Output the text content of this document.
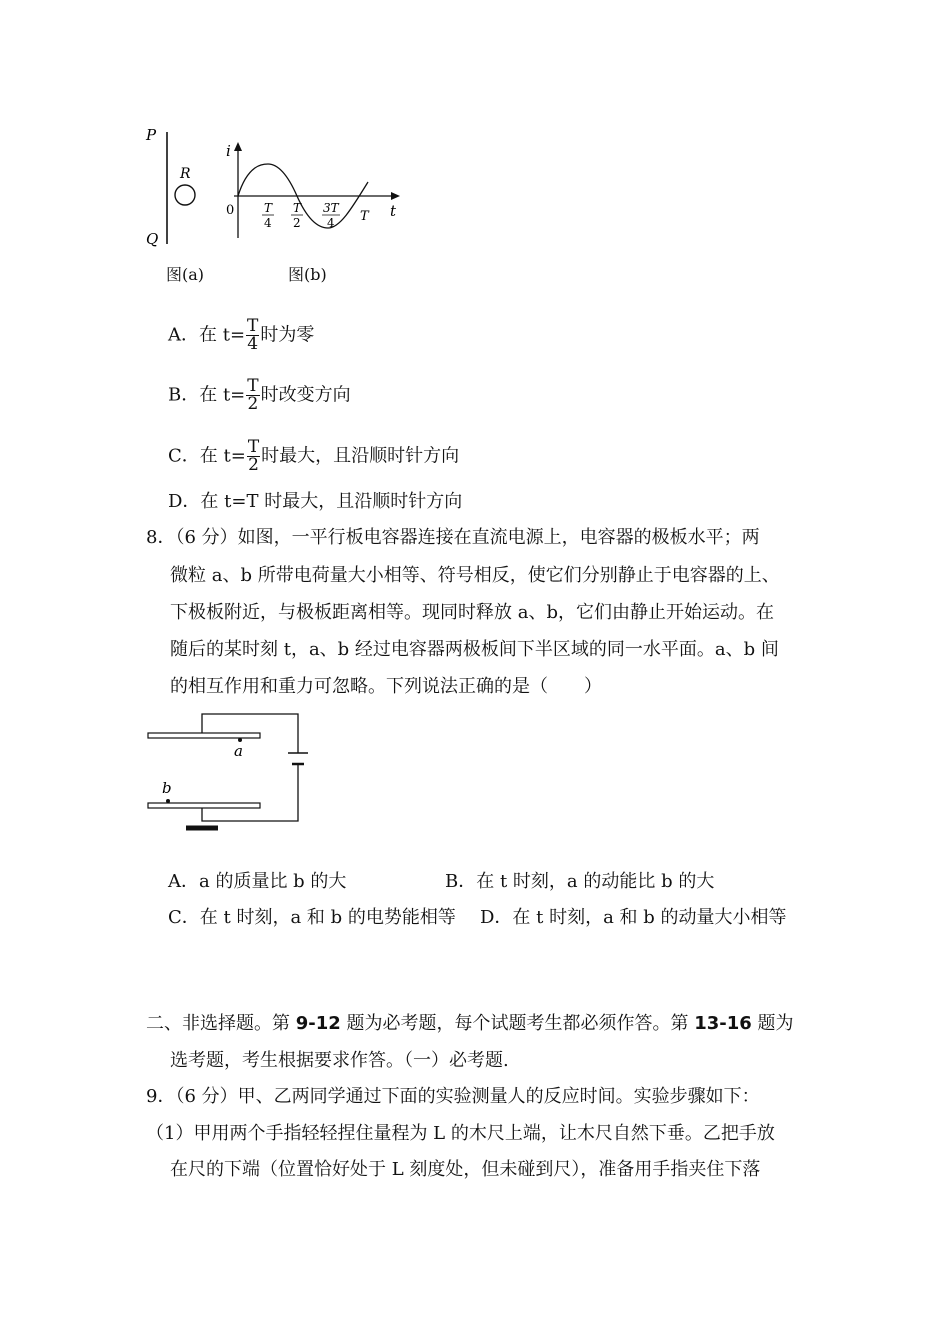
P
Q
R
i
t
0 T
4
T
2
3T
4 T
图(a)	图(b)
A．在 $t= \frac{T}{4}$ 时为零
B．在 $t= \frac{T}{2}$ 时改变方向
C．在 $t= \frac{T}{2}$ 时最大，且沿顺时针方向
D．在 t=T 时最大，且沿顺时针方向
8．（6 分）如图，一平行板电容器连接在直流电源上，电容器的极板水平；两
微粒 a、b 所带电荷量大小相等、符号相反，使它们分别静止于电容器的上、
下极板附近，与极板距离相等。现同时释放 a、b，它们由静止开始运动。在
随后的某时刻 t，a、b 经过电容器两极板间下半区域的同一水平面。a、b 间
的相互作用和重力可忽略。下列说法正确的是（　　）
a
b
A．a 的质量比 b 的大	B．在 t 时刻，a 的动能比 b 的大
C．在 t 时刻，a 和 b 的电势能相等 D．在 t 时刻，a 和 b 的动量大小相等
二、非选择题。第 9-12 题为必考题，每个试题考生都必须作答。第 13-16 题为
选考题，考生根据要求作答。（一）必考题.
9．（6 分）甲、乙两同学通过下面的实验测量人的反应时间。实验步骤如下：
（1）甲用两个手指轻轻捏住量程为 L 的木尺上端，让木尺自然下垂。乙把手放
在尺的下端（位置恰好处于 L 刻度处，但未碰到尺），准备用手指夹住下落
